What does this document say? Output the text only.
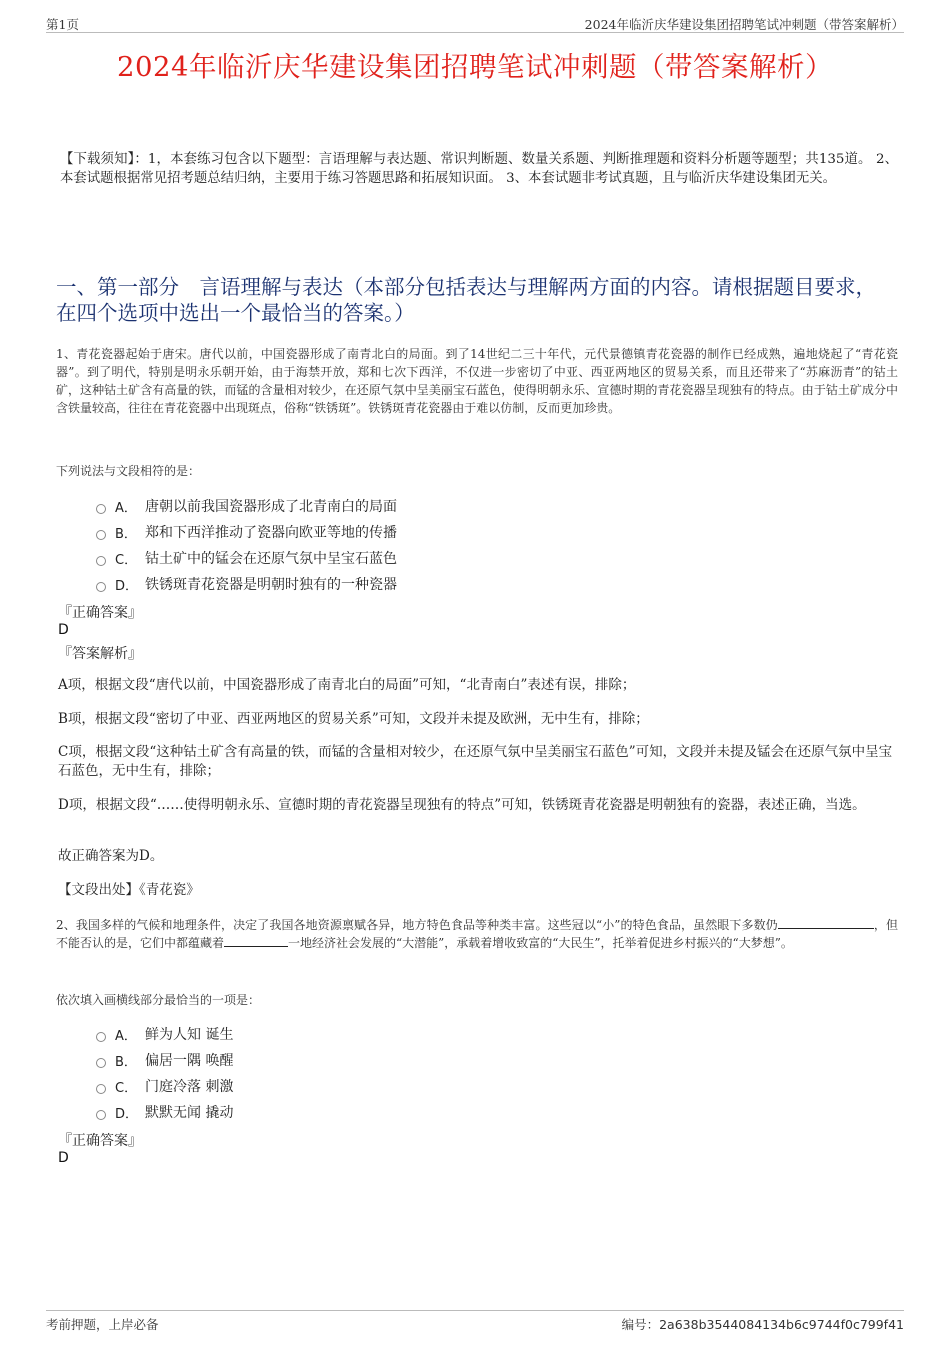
第1页	2024年临沂庆华建设集团招聘笔试冲刺题（带答案解析）
2024年临沂庆华建设集团招聘笔试冲刺题（带答案解析）
【下载须知】：1，本套练习包含以下题型：言语理解与表达题、常识判断题、数量关系题、判断推理题和资料分析题等题型；共135道。 2、本套试题根据常见招考题总结归纳，主要用于练习答题思路和拓展知识面。 3、本套试题非考试真题，且与临沂庆华建设集团无关。
一、第一部分　言语理解与表达（本部分包括表达与理解两方面的内容。请根据题目要求，在四个选项中选出一个最恰当的答案。）
1、青花瓷器起始于唐宋。唐代以前，中国瓷器形成了南青北白的局面。到了14世纪二三十年代，元代景德镇青花瓷器的制作已经成熟，遍地烧起了“青花瓷器”。到了明代，特别是明永乐朝开始，由于海禁开放，郑和七次下西洋，不仅进一步密切了中亚、西亚两地区的贸易关系，而且还带来了“苏麻沥青”的钴土矿，这种钴土矿含有高量的铁，而锰的含量相对较少，在还原气氛中呈美丽宝石蓝色，使得明朝永乐、宣德时期的青花瓷器呈现独有的特点。由于钴土矿成分中含铁量较高，往往在青花瓷器中出现斑点，俗称“铁锈斑”。铁锈斑青花瓷器由于难以仿制，反而更加珍贵。
下列说法与文段相符的是：
A． 唐朝以前我国瓷器形成了北青南白的局面
B． 郑和下西洋推动了瓷器向欧亚等地的传播
C． 钴土矿中的锰会在还原气氛中呈宝石蓝色
D． 铁锈斑青花瓷器是明朝时独有的一种瓷器
『正确答案』
D
『答案解析』
A项，根据文段“唐代以前，中国瓷器形成了南青北白的局面”可知，“北青南白”表述有误，排除；
B项，根据文段“密切了中亚、西亚两地区的贸易关系”可知，文段并未提及欧洲，无中生有，排除；
C项，根据文段“这种钴土矿含有高量的铁，而锰的含量相对较少，在还原气氛中呈美丽宝石蓝色”可知，文段并未提及锰会在还原气氛中呈宝石蓝色，无中生有，排除；
D项，根据文段“……使得明朝永乐、宣德时期的青花瓷器呈现独有的特点”可知，铁锈斑青花瓷器是明朝独有的瓷器，表述正确，当选。
故正确答案为D。
【文段出处】《青花瓷》
2、我国多样的气候和地理条件，决定了我国各地资源禀赋各异，地方特色食品等种类丰富。这些冠以“小”的特色食品，虽然眼下多数仍	，但不能否认的是，它们中都蕴藏着	一地经济社会发展的“大潜能”，承载着增收致富的“大民生”，托举着促进乡村振兴的“大梦想”。
依次填入画横线部分最恰当的一项是：
A． 鲜为人知 诞生
B． 偏居一隅 唤醒
C． 门庭冷落 刺激
D． 默默无闻 撬动
『正确答案』
D
考前押题，上岸必备	编号：2a638b3544084134b6c9744f0c799f41
